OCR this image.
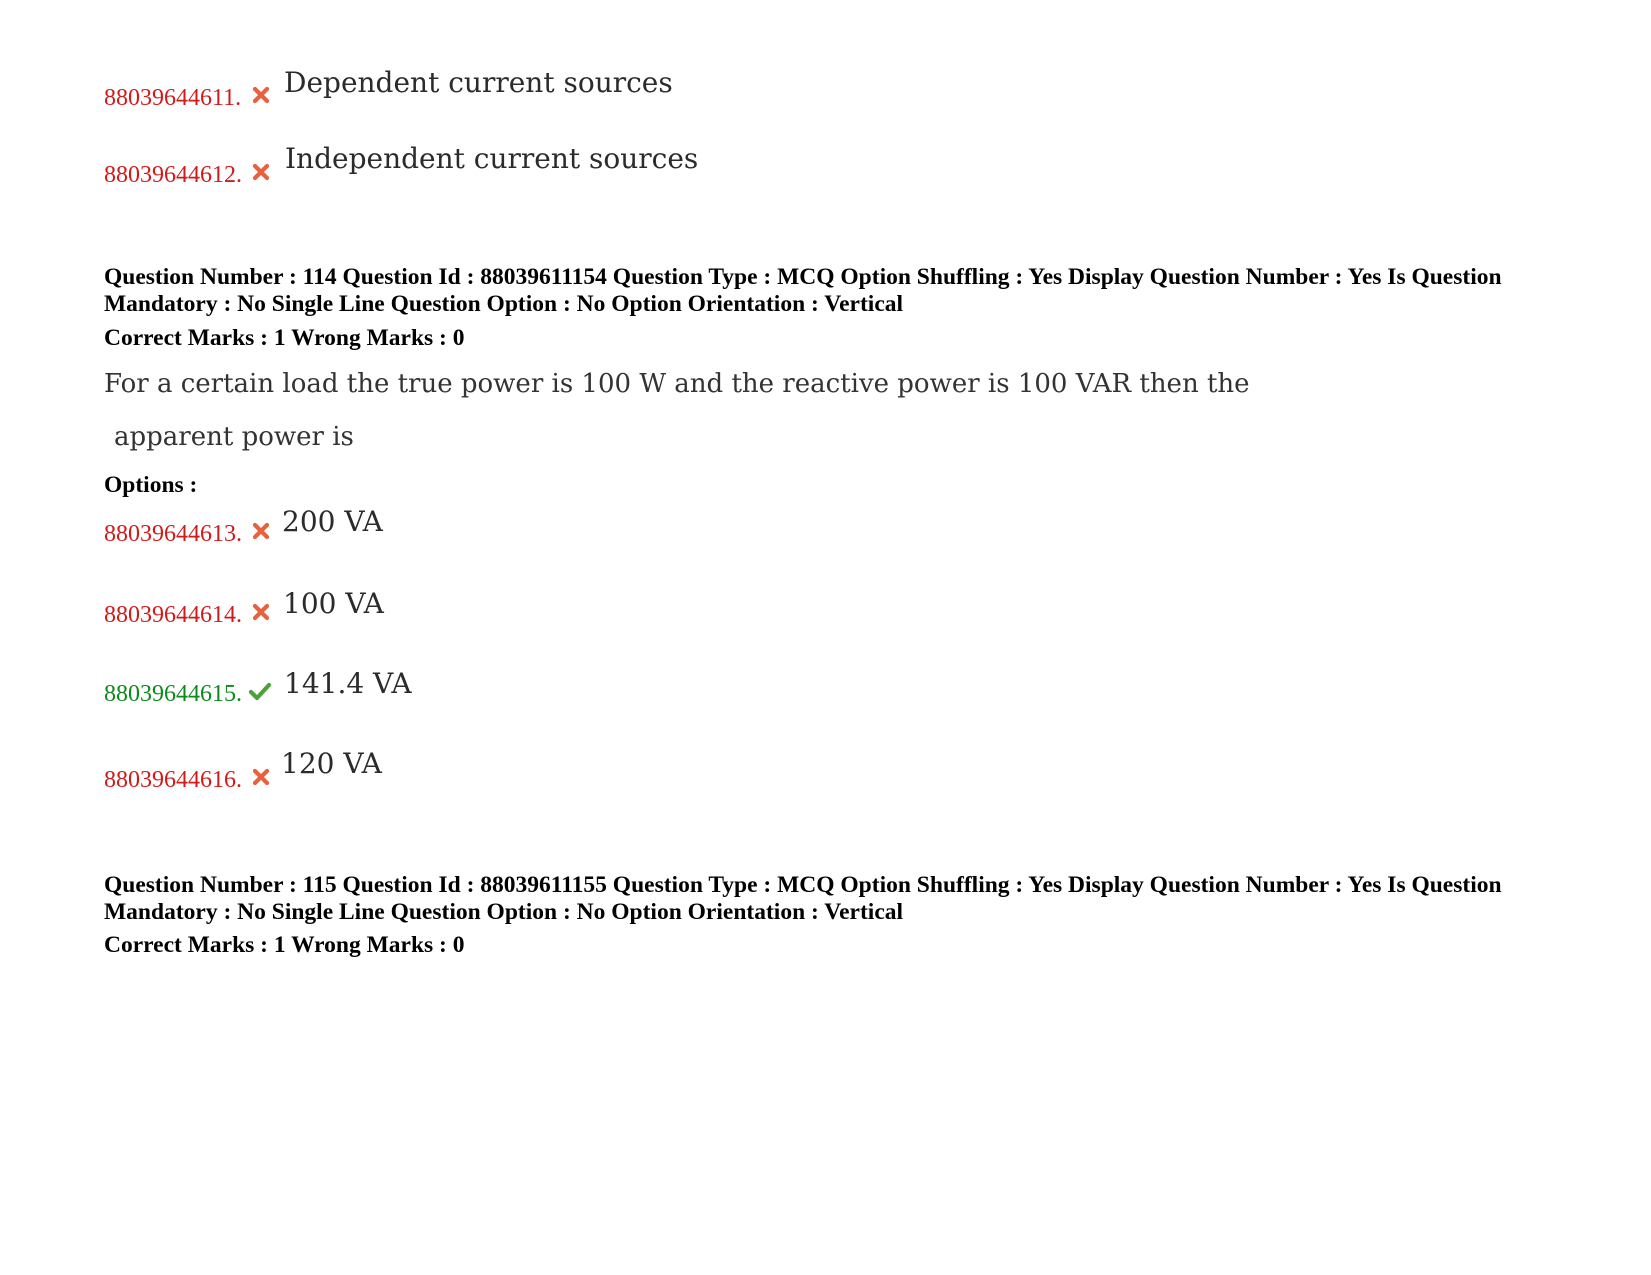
88039644611. Dependent current sources
88039644612. Independent current sources
Question Number : 114 Question Id : 88039611154 Question Type : MCQ Option Shuffling : Yes Display Question Number : Yes Is Question Mandatory : No Single Line Question Option : No Option Orientation : Vertical
Correct Marks : 1 Wrong Marks : 0
For a certain load the true power is 100 W and the reactive power is 100 VAR then the
apparent power is
Options :
88039644613. 200 VA
88039644614. 100 VA
88039644615. 141.4 VA
88039644616. 120 VA
Question Number : 115 Question Id : 88039611155 Question Type : MCQ Option Shuffling : Yes Display Question Number : Yes Is Question Mandatory : No Single Line Question Option : No Option Orientation : Vertical
Correct Marks : 1 Wrong Marks : 0
